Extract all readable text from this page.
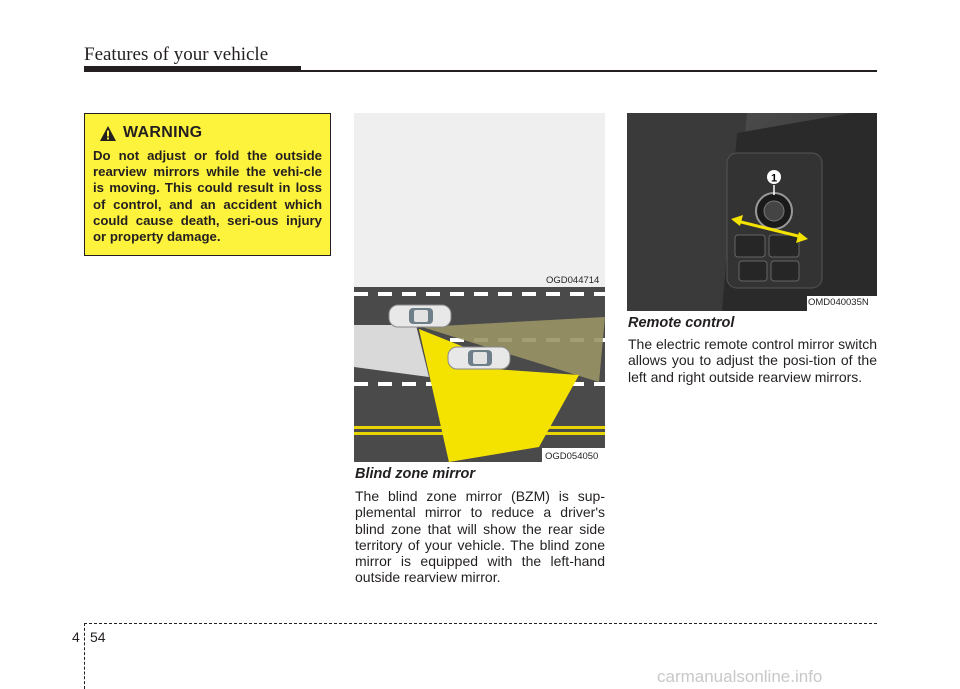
Features of your vehicle
WARNING
Do not adjust or fold the outside rearview mirrors while the vehi-cle is moving. This could result in loss of control, and an accident which could cause death, seri-ous injury or property damage.
OGD044714
OGD054050
Blind zone mirror
The blind zone mirror (BZM) is sup-plemental mirror to reduce a driver's blind zone that will show the rear side territory of your vehicle. The blind zone mirror is equipped with the left-hand outside rearview mirror.
1
OMD040035N
Remote control
The electric remote control mirror switch allows you to adjust the posi-tion of the left and right outside rearview mirrors.
4 54
carmanualsonline.info
